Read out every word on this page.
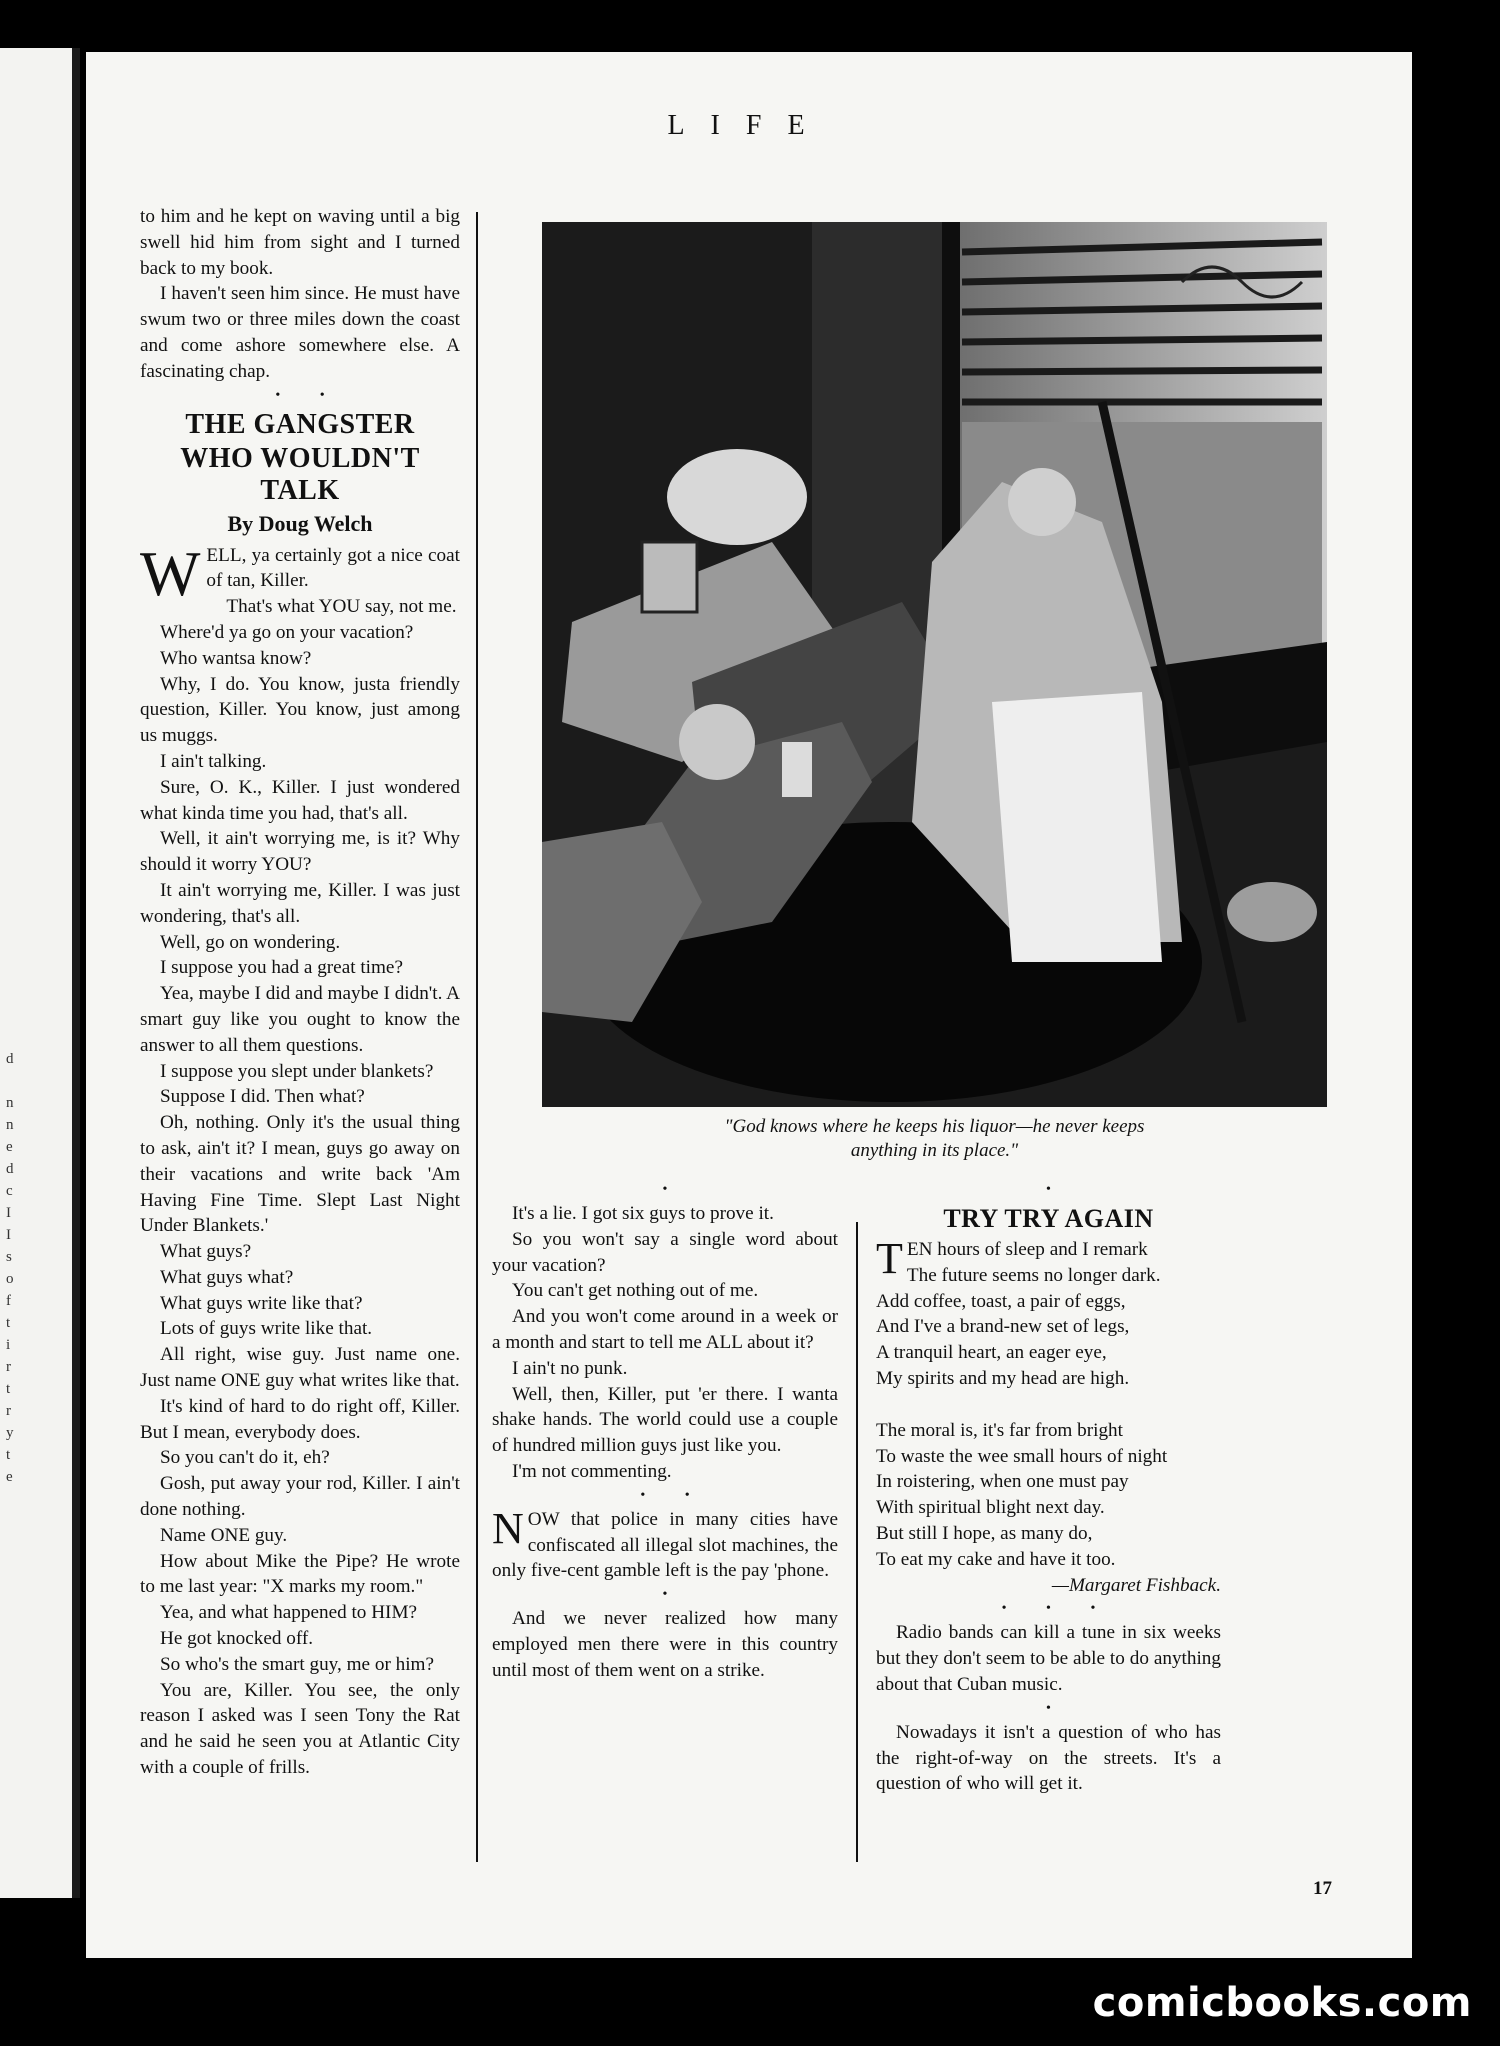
d
n
n
e
d
c
I
I
s
o
f
t
i
r
t
r
y
t
e
LIFE

to him and he kept on waving until a big swell hid him from sight and I turned back to my book.

I haven't seen him since. He must have swum two or three miles down the coast and come ashore somewhere else. A fascinating chap.

• •
THE GANGSTER
WHO WOULDN'T TALK
By Doug Welch

WELL, ya certainly got a nice coat of tan, Killer.

That's what YOU say, not me.

Where'd ya go on your vacation?

Who wantsa know?

Why, I do. You know, justa friendly question, Killer. You know, just among us muggs.

I ain't talking.

Sure, O. K., Killer. I just wondered what kinda time you had, that's all.

Well, it ain't worrying me, is it? Why should it worry YOU?

It ain't worrying me, Killer. I was just wondering, that's all.

Well, go on wondering.

I suppose you had a great time?

Yea, maybe I did and maybe I didn't. A smart guy like you ought to know the answer to all them questions.

I suppose you slept under blankets?

Suppose I did. Then what?

Oh, nothing. Only it's the usual thing to ask, ain't it? I mean, guys go away on their vacations and write back 'Am Having Fine Time. Slept Last Night Under Blankets.'

What guys?

What guys what?

What guys write like that?

Lots of guys write like that.

All right, wise guy. Just name one. Just name ONE guy what writes like that.

It's kind of hard to do right off, Killer. But I mean, everybody does.

So you can't do it, eh?

Gosh, put away your rod, Killer. I ain't done nothing.

Name ONE guy.

How about Mike the Pipe? He wrote to me last year: "X marks my room."

Yea, and what happened to HIM?

He got knocked off.

So who's the smart guy, me or him?

You are, Killer. You see, the only reason I asked was I seen Tony the Rat and he said he seen you at Atlantic City with a couple of frills.

"God knows where he keeps his liquor—he never keeps
anything in its place."
•

It's a lie. I got six guys to prove it.

So you won't say a single word about your vacation?

You can't get nothing out of me.

And you won't come around in a week or a month and start to tell me ALL about it?

I ain't no punk.

Well, then, Killer, put 'er there. I wanta shake hands. The world could use a couple of hundred million guys just like you.

I'm not commenting.

• •

NOW that police in many cities have confiscated all illegal slot machines, the only five-cent gamble left is the pay 'phone.

•

And we never realized how many employed men there were in this country until most of them went on a strike.

•
TRY TRY AGAIN

TEN hours of sleep and I remark

The future seems no longer dark.

Add coffee, toast, a pair of eggs,

And I've a brand-new set of legs,

A tranquil heart, an eager eye,

My spirits and my head are high.

The moral is, it's far from bright

To waste the wee small hours of night

In roistering, when one must pay

With spiritual blight next day.

But still I hope, as many do,

To eat my cake and have it too.

—Margaret Fishback.

• • •

Radio bands can kill a tune in six weeks but they don't seem to be able to do anything about that Cuban music.

•

Nowadays it isn't a question of who has the right-of-way on the streets. It's a question of who will get it.

17
comicbooks.com
